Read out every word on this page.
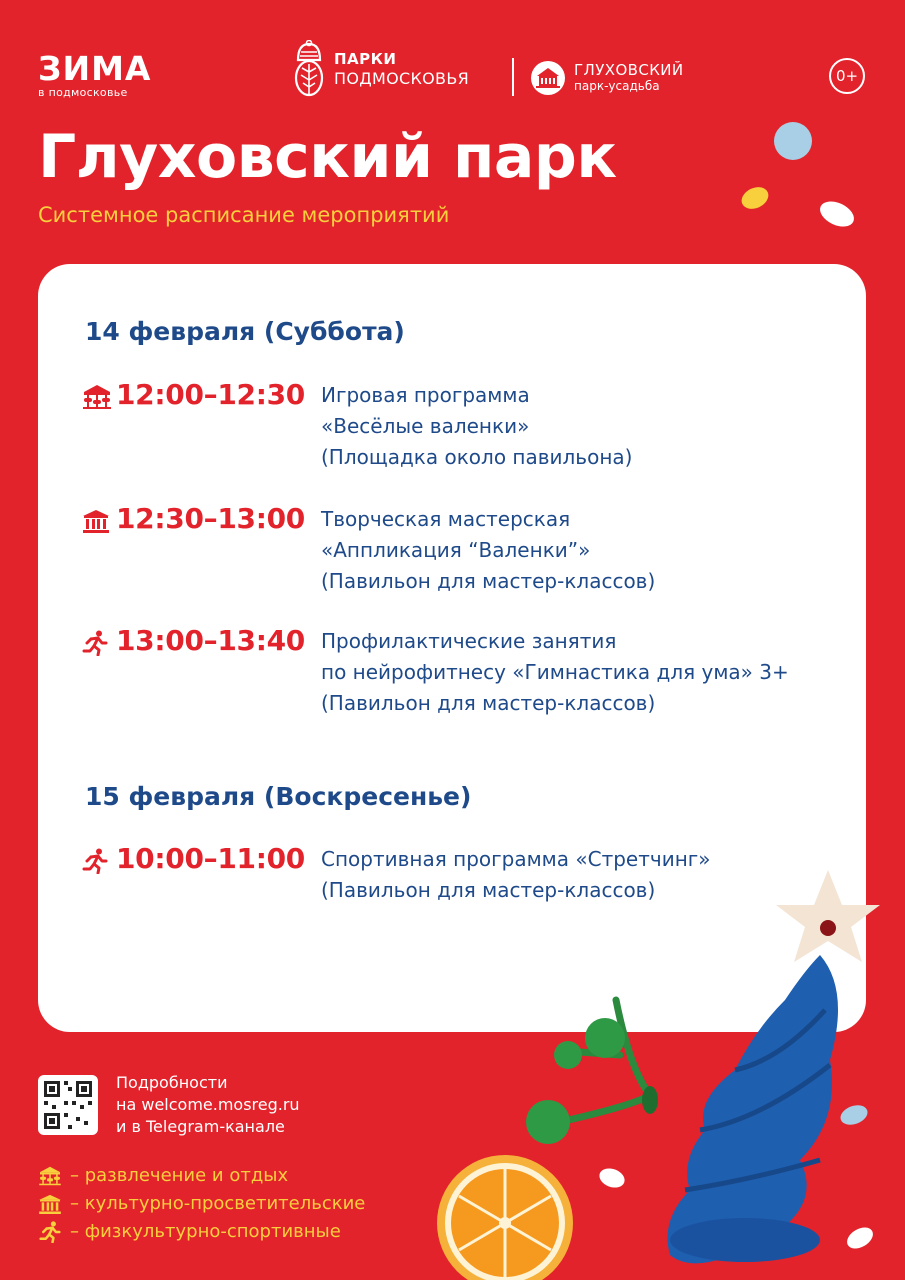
ЗИМА
в подмосковье
ПАРКИ
ПОДМОСКОВЬЯ	ГЛУХОВСКИЙ
парк-усадьба
0+
Глуховский парк
Системное расписание мероприятий
14 февраля (Суббота)
12:00–12:30 Игровая программа
«Весёлые валенки»
(Площадка около павильона)
12:30–13:00 Творческая мастерская
«Аппликация “Валенки”»
(Павильон для мастер-классов)
13:00–13:40 Профилактические занятия
по нейрофитнесу «Гимнастика для ума» 3+
(Павильон для мастер-классов)
15 февраля (Воскресенье)
10:00–11:00 Спортивная программа «Стретчинг»
(Павильон для мастер-классов)
Подробности
на welcome.mosreg.ru
и в Telegram-канале
– развлечение и отдых
– культурно-просветительские
– физкультурно-спортивные
